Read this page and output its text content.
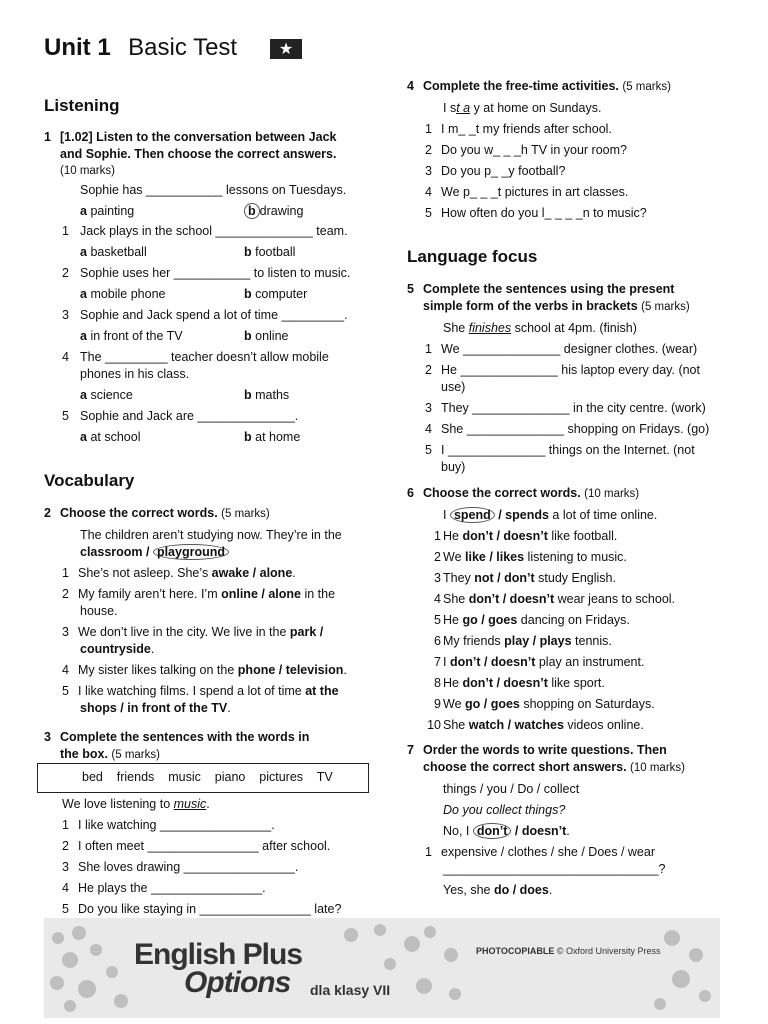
Unit 1 Basic Test	★
Listening
1 [1.02] Listen to the conversation between Jack
and Sophie. Then choose the correct answers.
(10 marks)
Sophie has ___________ lessons on Tuesdays.
a painting	b drawing
1 Jack plays in the school ______________ team.
a basketball	b football
2 Sophie uses her ___________ to listen to music.
a mobile phone	b computer
3 Sophie and Jack spend a lot of time _________.
a in front of the TV	b online
4 The _________ teacher doesn’t allow mobile
phones in his class.
a science	b maths
5 Sophie and Jack are ______________.
a at school	b at home
Vocabulary
2 Choose the correct words. (5 marks)
The children aren’t studying now. They’re in the
classroom / playground
1 She’s not asleep. She’s awake / alone.
2 My family aren’t here. I’m online / alone in the
house.
3 We don’t live in the city. We live in the park /
countryside.
4 My sister likes talking on the phone / television.
5 I like watching films. I spend a lot of time at the
shops / in front of the TV.
3 Complete the sentences with the words in
the box. (5 marks)
bed friends music piano pictures TV
We love listening to music.
1 I like watching ________________.
2 I often meet ________________ after school.
3 She loves drawing ________________.
4 He plays the ________________.
5 Do you like staying in ________________ late?
4 Complete the free-time activities. (5 marks)
I st a y at home on Sundays.
1 I m_ _t my friends after school.
2 Do you w_ _ _h TV in your room?
3 Do you p_ _y football?
4 We p_ _ _t pictures in art classes.
5 How often do you l_ _ _ _n to music?
Language focus
5 Complete the sentences using the present
simple form of the verbs in brackets (5 marks)
She finishes school at 4pm. (finish)
1 We ______________ designer clothes. (wear)
2 He ______________ his laptop every day. (not
use)
3 They ______________ in the city centre. (work)
4 She ______________ shopping on Fridays. (go)
5 I ______________ things on the Internet. (not
buy)
6 Choose the correct words. (10 marks)
I spend / spends a lot of time online.
1 He don’t / doesn’t like football.
2 We like / likes listening to music.
3 They not / don’t study English.
4 She don’t / doesn’t wear jeans to school.
5 He go / goes dancing on Fridays.
6 My friends play / plays tennis.
7 I don’t / doesn’t play an instrument.
8 He don’t / doesn’t like sport.
9 We go / goes shopping on Saturdays.
10 She watch / watches videos online.
7 Order the words to write questions. Then
choose the correct short answers. (10 marks)
things / you / Do / collect
Do you collect things?
No, I don’t / doesn’t.
1 expensive / clothes / she / Does / wear
_______________________________?
Yes, she do / does.
English Plus
Options dla klasy VII
PHOTOCOPIABLE © Oxford University Press
